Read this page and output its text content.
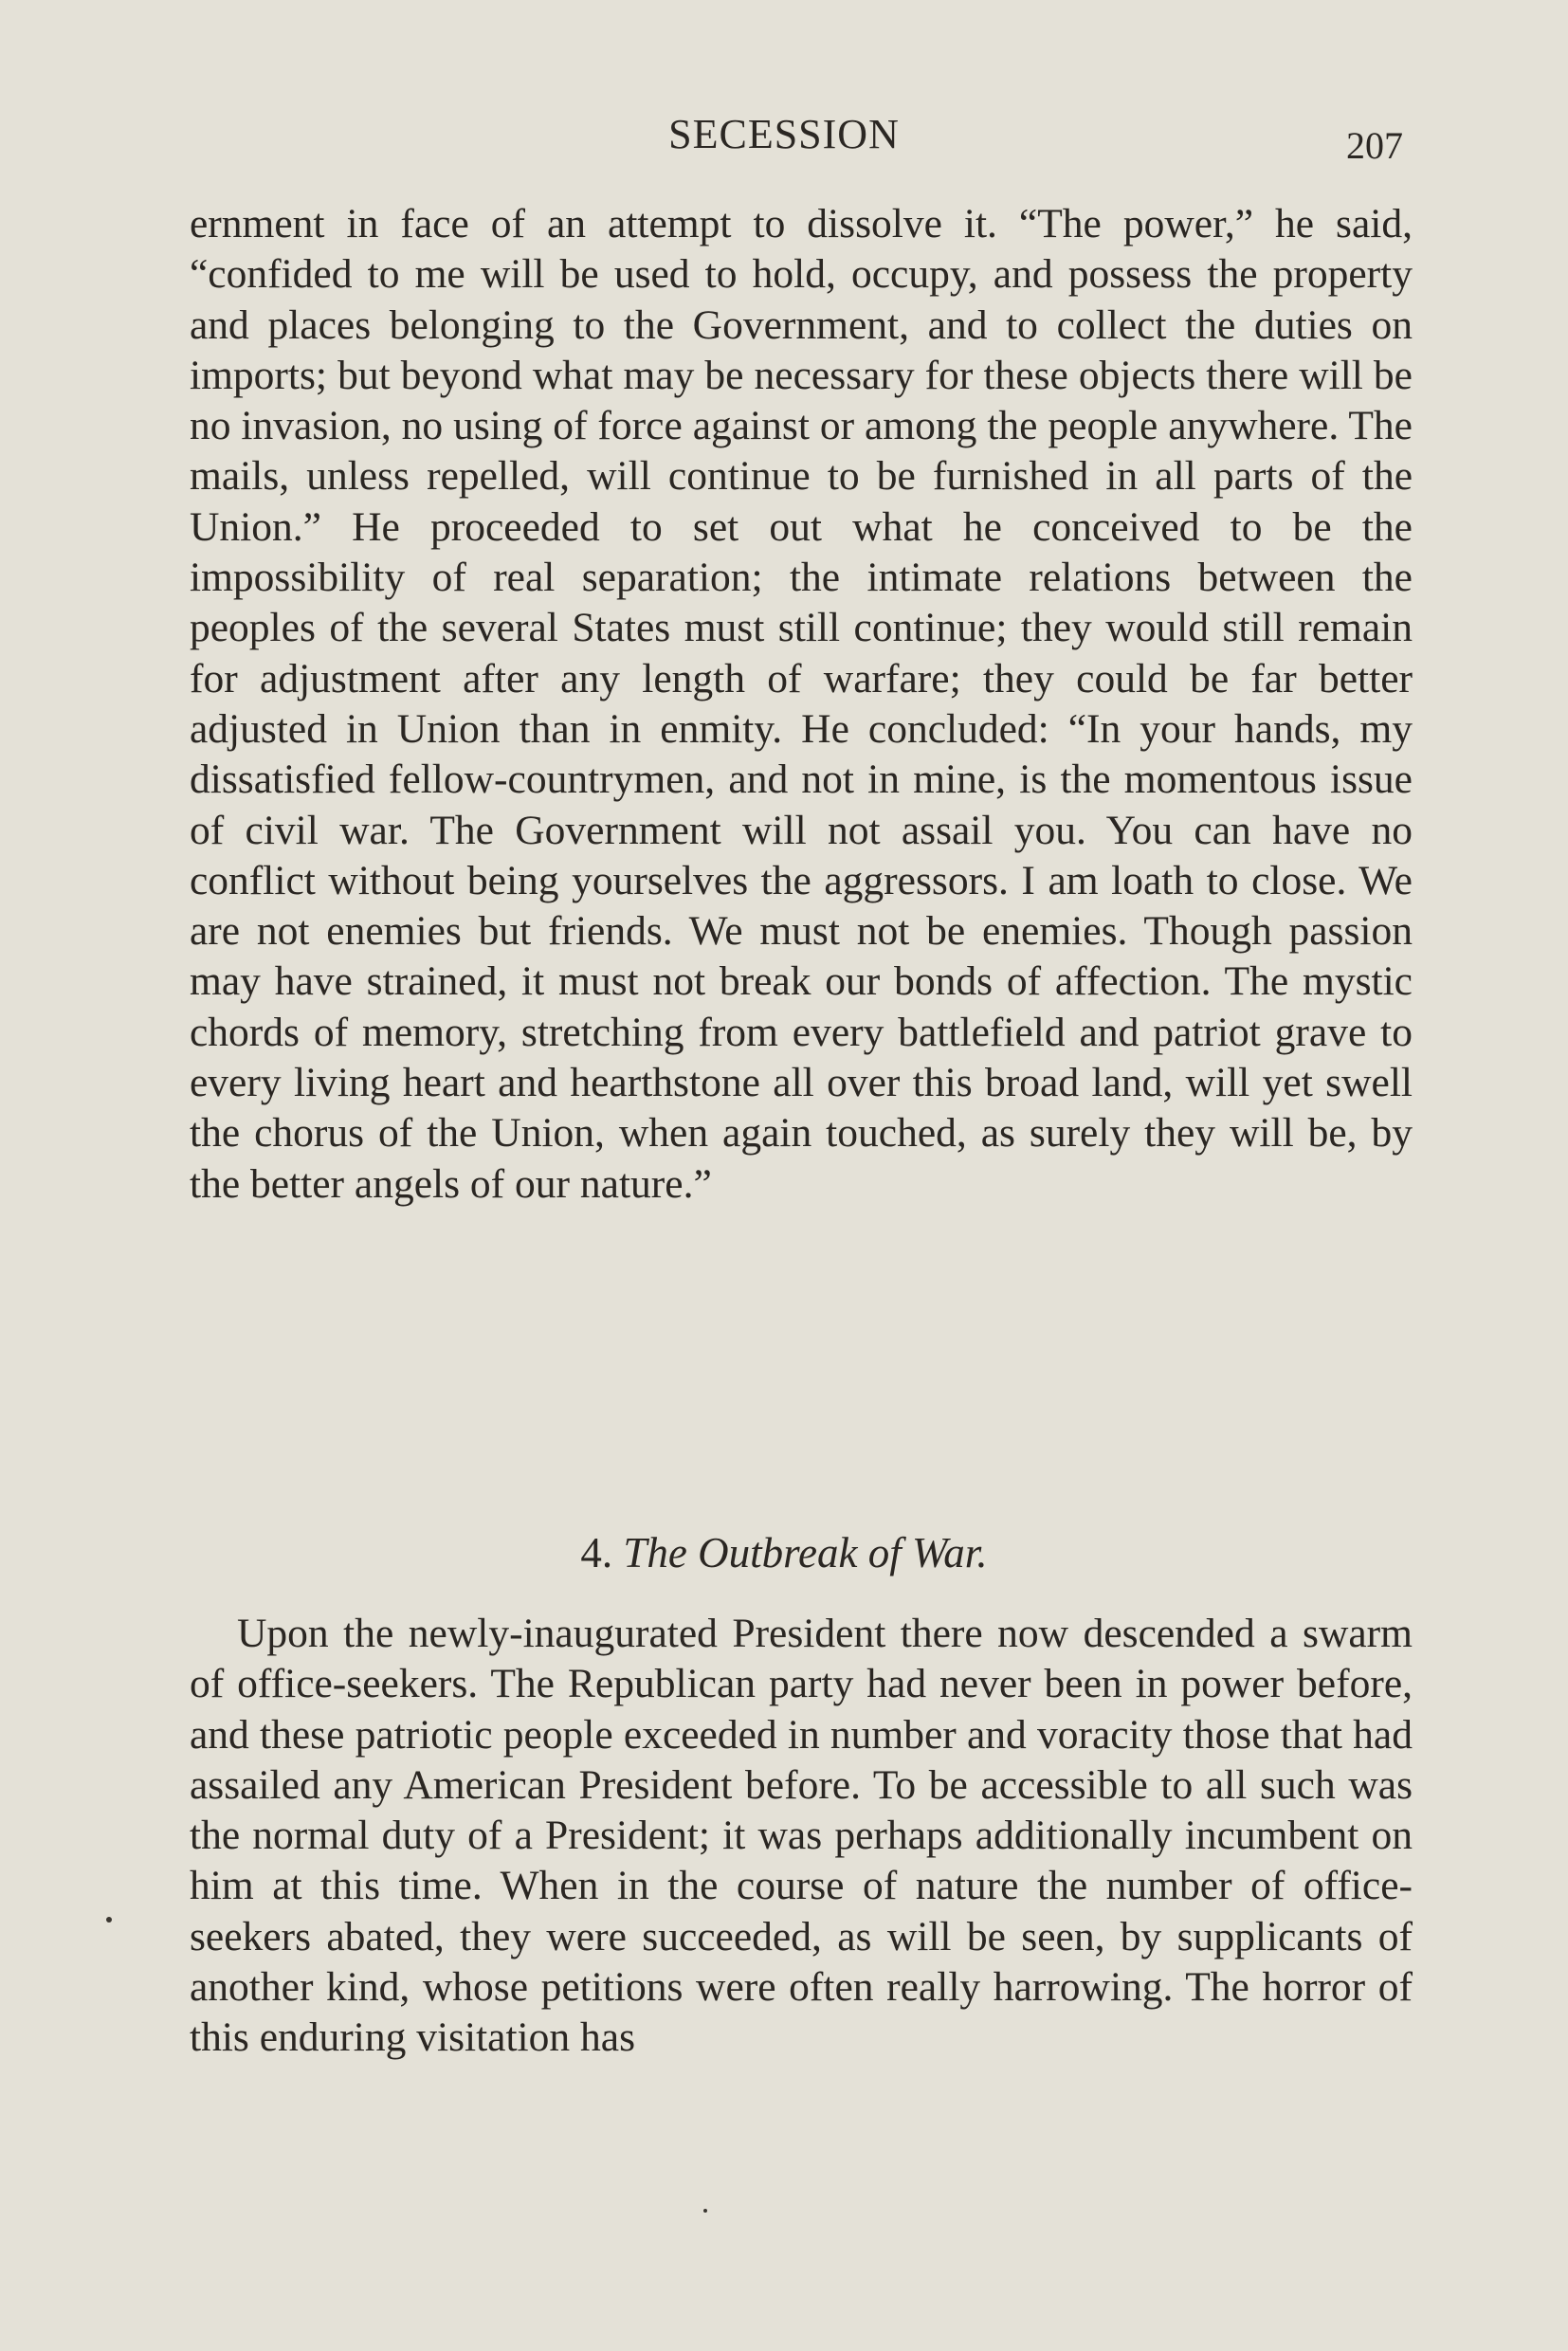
SECESSION	207

ernment in face of an attempt to dissolve it. “The power,” he said, “confided to me will be used to hold, occupy, and possess the property and places belonging to the Government, and to collect the duties on imports; but beyond what may be necessary for these objects there will be no invasion, no using of force against or among the people anywhere. The mails, unless repelled, will continue to be furnished in all parts of the Union.” He proceeded to set out what he conceived to be the impossibility of real separation; the intimate relations between the peoples of the several States must still continue; they would still remain for adjustment after any length of warfare; they could be far better adjusted in Union than in enmity. He concluded: “In your hands, my dissatisfied fellow-countrymen, and not in mine, is the momentous issue of civil war. The Government will not assail you. You can have no conflict without being yourselves the aggressors. I am loath to close. We are not enemies but friends. We must not be enemies. Though passion may have strained, it must not break our bonds of affection. The mystic chords of memory, stretching from every battlefield and patriot grave to every living heart and hearthstone all over this broad land, will yet swell the chorus of the Union, when again touched, as surely they will be, by the better angels of our nature.”

4. The Outbreak of War.

Upon the newly-inaugurated President there now descended a swarm of office-seekers. The Republican party had never been in power before, and these patriotic people exceeded in number and voracity those that had assailed any American President before. To be accessible to all such was the normal duty of a President; it was perhaps additionally incumbent on him at this time. When in the course of nature the number of office-seekers abated, they were succeeded, as will be seen, by supplicants of another kind, whose petitions were often really harrowing. The horror of this enduring visitation has
